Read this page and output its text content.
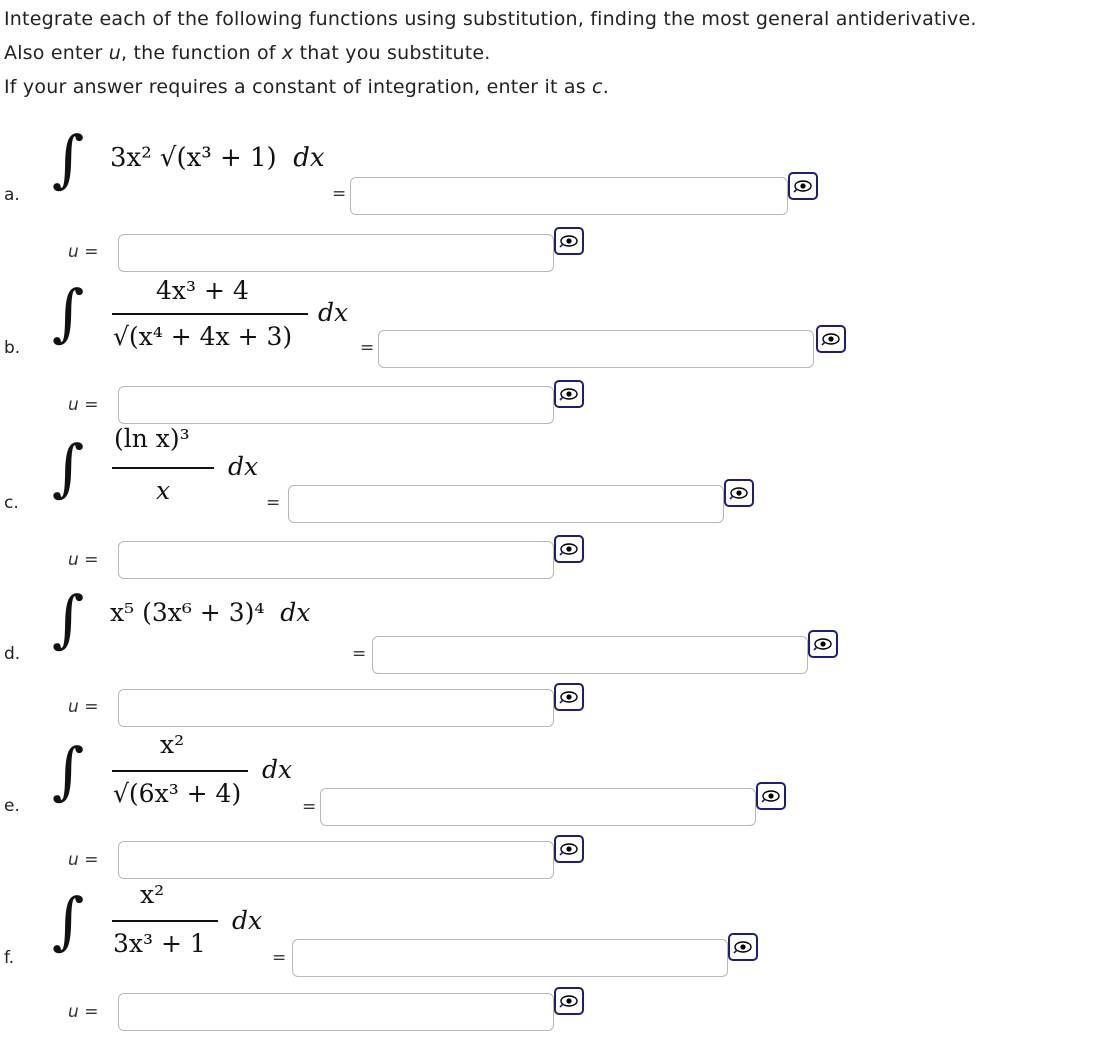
Integrate each of the following functions using substitution, finding the most general antiderivative.

Also enter u, the function of x that you substitute.

If your answer requires a constant of integration, enter it as c.

a. ∫ 3x² √(x³ + 1) dx
=
u =
b. ∫	4x³ + 4
√(x⁴ + 4x + 3)
dx
=
u =
c. ∫ (ln x)³
x
dx
=
u =
d. ∫ x⁵ (3x⁶ + 3)⁴ dx
=
u =
e. ∫	x²
√(6x³ + 4)
dx
=
u =
f.
∫ x²
3x³ + 1
dx
=
u =
